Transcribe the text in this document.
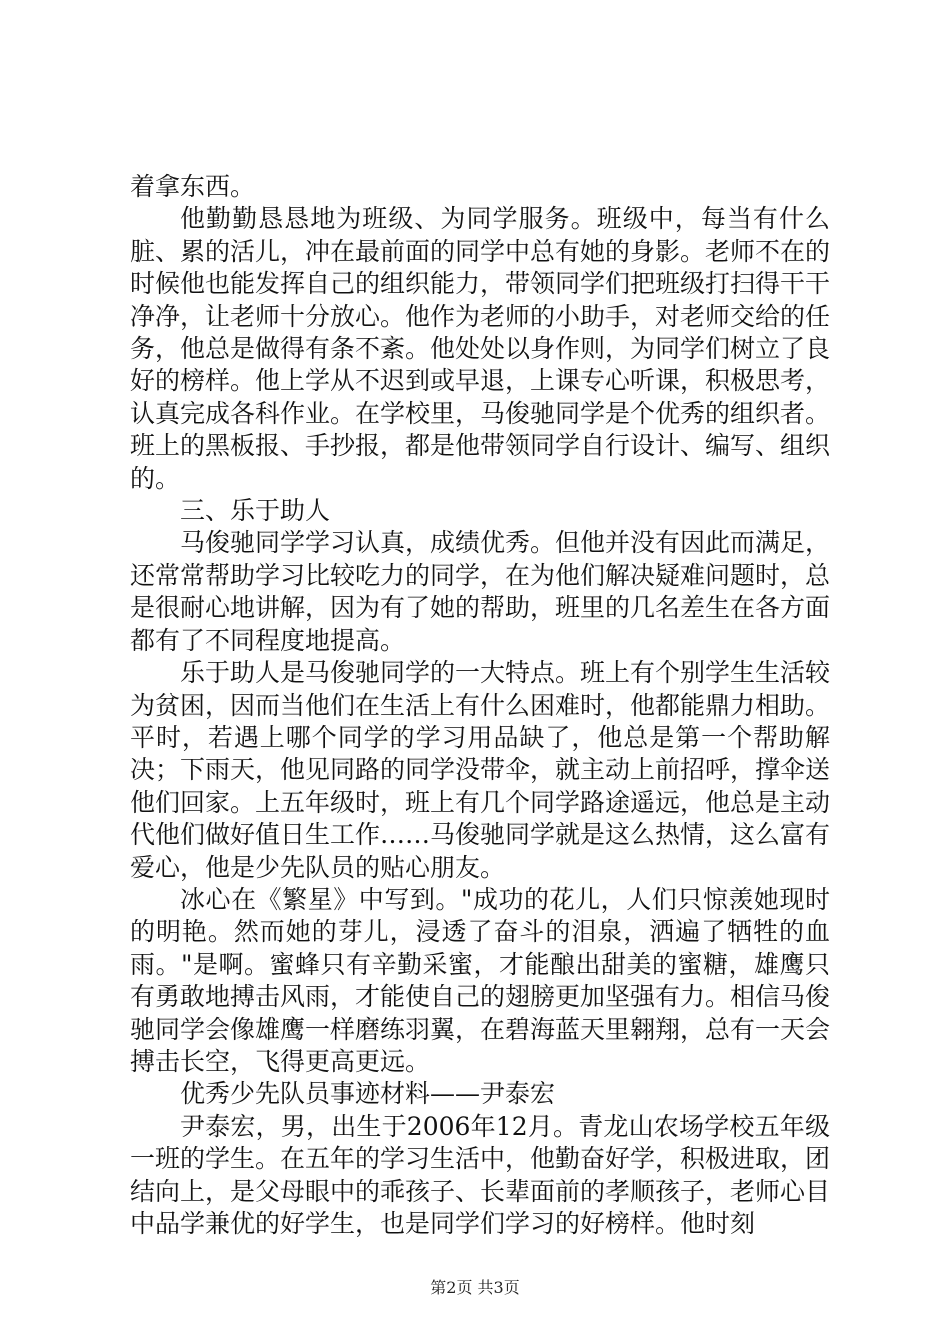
着拿东西。

他勤勤恳恳地为班级、为同学服务。班级中，每当有什么脏、累的活儿，冲在最前面的同学中总有她的身影。老师不在的时候他也能发挥自己的组织能力，带领同学们把班级打扫得干干净净，让老师十分放心。他作为老师的小助手，对老师交给的任务，他总是做得有条不紊。他处处以身作则，为同学们树立了良好的榜样。他上学从不迟到或早退，上课专心听课，积极思考，认真完成各科作业。在学校里，马俊驰同学是个优秀的组织者。班上的黑板报、手抄报，都是他带领同学自行设计、编写、组织的。

三、乐于助人

马俊驰同学学习认真，成绩优秀。但他并没有因此而满足，还常常帮助学习比较吃力的同学，在为他们解决疑难问题时，总是很耐心地讲解，因为有了她的帮助，班里的几名差生在各方面都有了不同程度地提高。

乐于助人是马俊驰同学的一大特点。班上有个别学生生活较为贫困，因而当他们在生活上有什么困难时，他都能鼎力相助。平时，若遇上哪个同学的学习用品缺了，他总是第一个帮助解决；下雨天，他见同路的同学没带伞，就主动上前招呼，撑伞送他们回家。上五年级时，班上有几个同学路途遥远，他总是主动代他们做好值日生工作……马俊驰同学就是这么热情，这么富有爱心，他是少先队员的贴心朋友。

冰心在《繁星》中写到。"成功的花儿，人们只惊羡她现时的明艳。然而她的芽儿，浸透了奋斗的泪泉，洒遍了牺牲的血雨。"是啊。蜜蜂只有辛勤采蜜，才能酿出甜美的蜜糖，雄鹰只有勇敢地搏击风雨，才能使自己的翅膀更加坚强有力。相信马俊驰同学会像雄鹰一样磨练羽翼，在碧海蓝天里翱翔，总有一天会搏击长空，飞得更高更远。

优秀少先队员事迹材料——尹泰宏

尹泰宏，男，出生于2006年12月。青龙山农场学校五年级一班的学生。在五年的学习生活中，他勤奋好学，积极进取，团结向上，是父母眼中的乖孩子、长辈面前的孝顺孩子，老师心目中品学兼优的好学生，也是同学们学习的好榜样。他时刻

第2页 共3页
